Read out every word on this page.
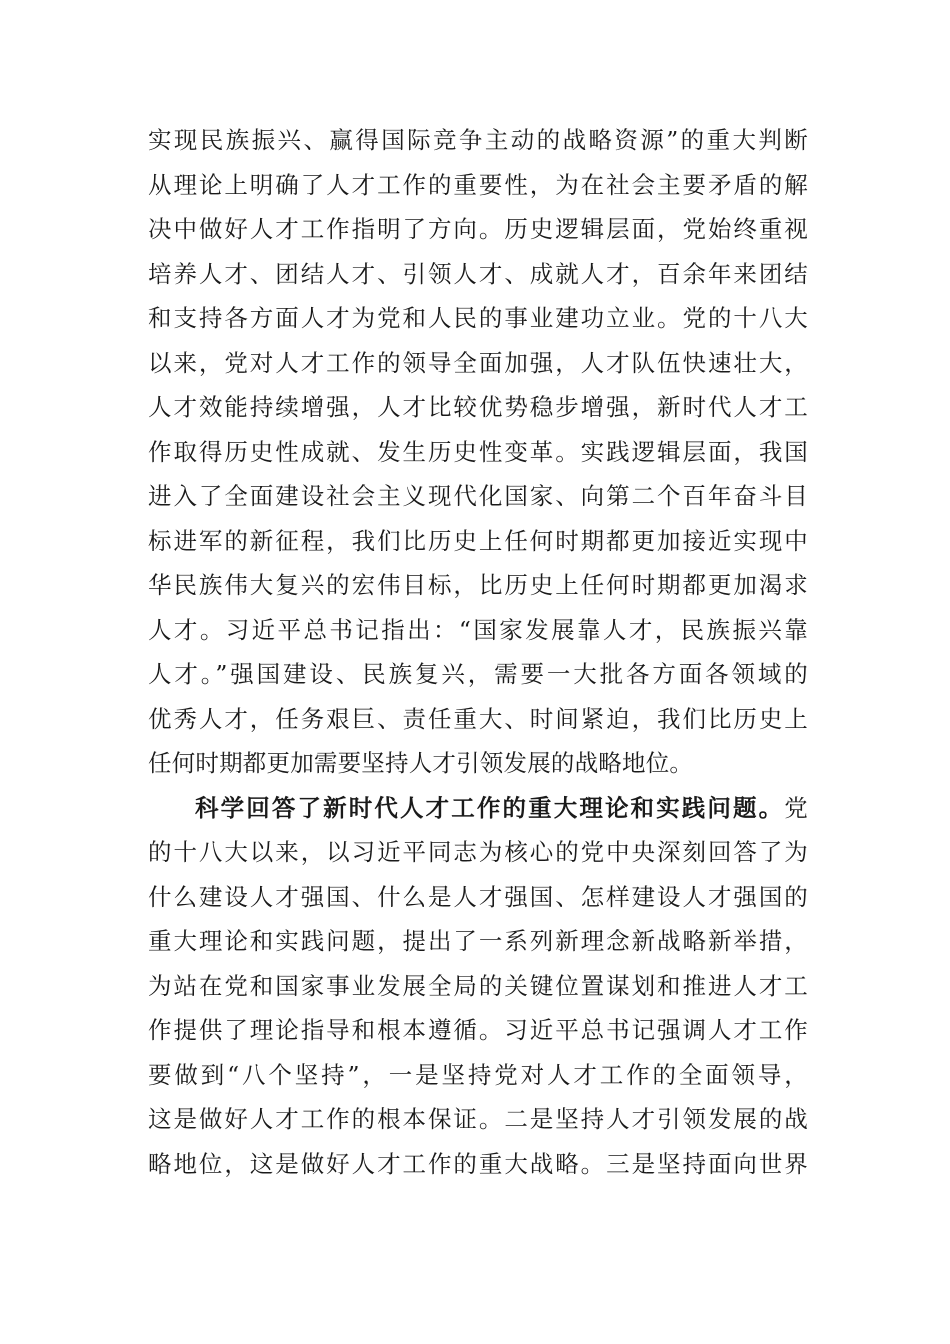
实现民族振兴、赢得国际竞争主动的战略资源”的重大判断
从理论上明确了人才工作的重要性，为在社会主要矛盾的解
决中做好人才工作指明了方向。历史逻辑层面，党始终重视
培养人才、团结人才、引领人才、成就人才，百余年来团结
和支持各方面人才为党和人民的事业建功立业。党的十八大
以来，党对人才工作的领导全面加强，人才队伍快速壮大，
人才效能持续增强，人才比较优势稳步增强，新时代人才工
作取得历史性成就、发生历史性变革。实践逻辑层面，我国
进入了全面建设社会主义现代化国家、向第二个百年奋斗目
标进军的新征程，我们比历史上任何时期都更加接近实现中
华民族伟大复兴的宏伟目标，比历史上任何时期都更加渴求
人才。习近平总书记指出：“国家发展靠人才，民族振兴靠
人才。”强国建设、民族复兴，需要一大批各方面各领域的
优秀人才，任务艰巨、责任重大、时间紧迫，我们比历史上
任何时期都更加需要坚持人才引领发展的战略地位。
科学回答了新时代人才工作的重大理论和实践问题。党
的十八大以来，以习近平同志为核心的党中央深刻回答了为
什么建设人才强国、什么是人才强国、怎样建设人才强国的
重大理论和实践问题，提出了一系列新理念新战略新举措，
为站在党和国家事业发展全局的关键位置谋划和推进人才工
作提供了理论指导和根本遵循。习近平总书记强调人才工作
要做到“八个坚持”，一是坚持党对人才工作的全面领导，
这是做好人才工作的根本保证。二是坚持人才引领发展的战
略地位，这是做好人才工作的重大战略。三是坚持面向世界
